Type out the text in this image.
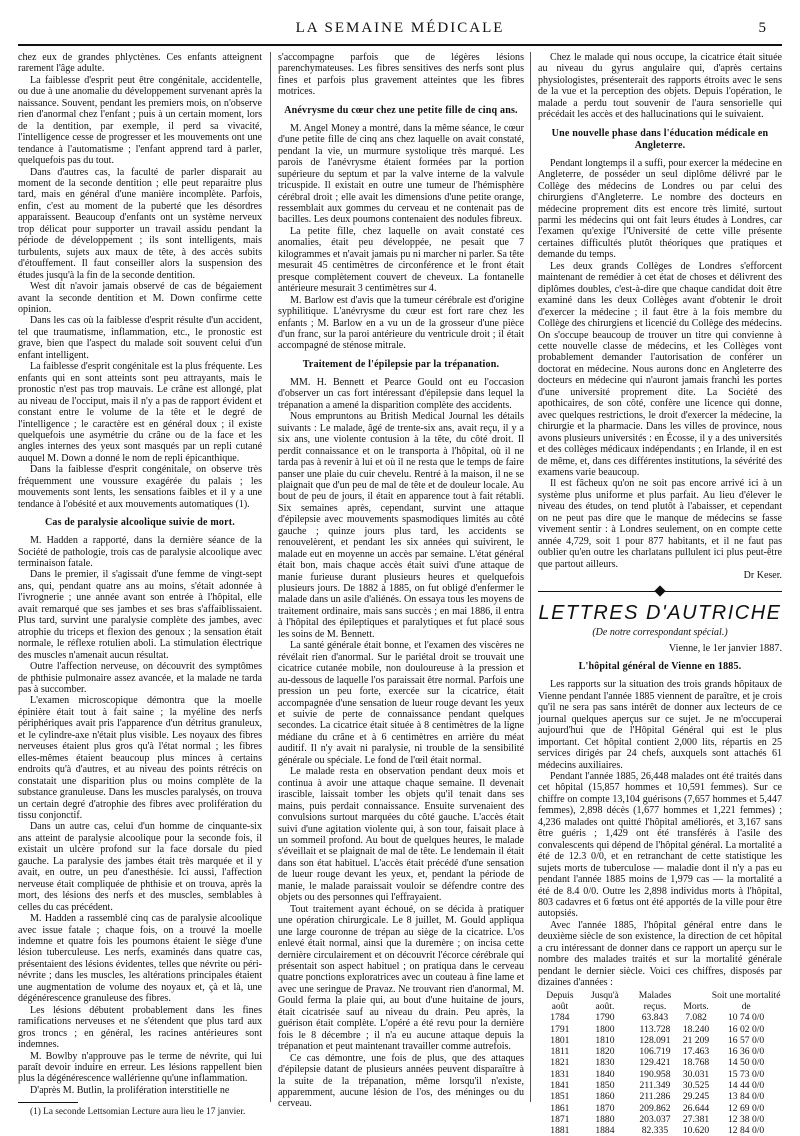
LA SEMAINE MÉDICALE	5

chez eux de grandes phlyctènes. Ces enfants atteignent rarement l'âge adulte.

La faiblesse d'esprit peut être congénitale, accidentelle, ou due à une anomalie du développement survenant après la naissance. Souvent, pendant les premiers mois, on n'observe rien d'anormal chez l'enfant ; puis à un certain moment, lors de la dentition, par exemple, il perd sa vivacité, l'intelligence cesse de progresser et les mouvements ont une tendance à l'automatisme ; l'enfant apprend tard à parler, quelquefois pas du tout.

Dans d'autres cas, la faculté de parler disparait au moment de la seconde dentition ; elle peut reparaitre plus tard, mais en général d'une manière incomplète. Parfois, enfin, c'est au moment de la puberté que les désordres apparaissent. Beaucoup d'enfants ont un système nerveux trop délicat pour supporter un travail assidu pendant la période de développement ; ils sont intelligents, mais turbulents, sujets aux maux de tête, à des accès subits d'étouffement. Il faut conseiller alors la suspension des études jusqu'à la fin de la seconde dentition.

West dit n'avoir jamais observé de cas de bégaiement avant la seconde dentition et M. Down confirme cette opinion.

Dans les cas où la faiblesse d'esprit résulte d'un accident, tel que traumatisme, inflammation, etc., le pronostic est grave, bien que l'aspect du malade soit souvent celui d'un enfant intelligent.

La faiblesse d'esprit congénitale est la plus fréquente. Les enfants qui en sont atteints sont peu attrayants, mais le pronostic n'est pas trop mauvais. Le crâne est allongé, plat au niveau de l'occiput, mais il n'y a pas de rapport évident et constant entre le volume de la tête et le degré de l'intelligence ; le caractère est en général doux ; il existe quelquefois une asymétrie du crâne ou de la face et les angles internes des yeux sont masqués par un repli cutané auquel M. Down a donné le nom de repli épicanthique.

Dans la faiblesse d'esprit congénitale, on observe très fréquemment une voussure exagérée du palais ; les mouvements sont lents, les sensations faibles et il y a une tendance à l'obésité et aux mouvements automatiques (1).

Cas de paralysie alcoolique suivie de mort.

M. Hadden a rapporté, dans la dernière séance de la Société de pathologie, trois cas de paralysie alcoolique avec terminaison fatale.

Dans le premier, il s'agissait d'une femme de vingt-sept ans, qui, pendant quatre ans au moins, s'était adonnée à l'ivrognerie ; une année avant son entrée à l'hôpital, elle avait remarqué que ses jambes et ses bras s'affaiblissaient. Plus tard, survint une paralysie complète des jambes, avec atrophie du triceps et flexion des genoux ; la sensation était normale, le réflexe rotulien aboli. La stimulation électrique des muscles n'amenait aucun résultat.

Outre l'affection nerveuse, on découvrit des symptômes de phthisie pulmonaire assez avancée, et la malade ne tarda pas à succomber.

L'examen microscopique démontra que la moelle épinière était tout à fait saine ; la myéline des nerfs périphériques avait pris l'apparence d'un détritus granuleux, et le cylindre-axe n'était plus visible. Les noyaux des fibres nerveuses étaient plus gros qu'à l'état normal ; les fibres elles-mêmes étaient beaucoup plus minces à certains endroits qu'à d'autres, et au niveau des points rétrécis on constatait une disparition plus ou moins complète de la substance granuleuse. Dans les muscles paralysés, on trouva un certain degré d'atrophie des fibres avec prolifération du tissu conjonctif.

Dans un autre cas, celui d'un homme de cinquante-six ans atteint de paralysie alcoolique pour la seconde fois, il existait un ulcère profond sur la face dorsale du pied gauche. La paralysie des jambes était très marquée et il y avait, en outre, un peu d'anesthésie. Ici aussi, l'affection nerveuse était compliquée de phthisie et on trouva, après la mort, des lésions des nerfs et des muscles, semblables à celles du cas précédent.

M. Hadden a rassemblé cinq cas de paralysie alcoolique avec issue fatale ; chaque fois, on a trouvé la moelle indemne et quatre fois les poumons étaient le siège d'une lésion tuberculeuse. Les nerfs, examinés dans quatre cas, présentaient des lésions évidentes, telles que névrite ou péri-névrite ; dans les muscles, les altérations principales étaient une augmentation de volume des noyaux et, çà et là, une dégénérescence granuleuse des fibres.

Les lésions débutent probablement dans les fines ramifications nerveuses et ne s'étendent que plus tard aux gros troncs ; en général, les racines antérieures sont indemnes.

M. Bowlby n'approuve pas le terme de névrite, qui lui paraît devoir induire en erreur. Les lésions rappellent bien plus la dégénérescence wallérienne qu'une inflammation.

D'après M. Butlin, la prolifération interstitielle ne

(1) La seconde Lettsomian Lecture aura lieu le 17 janvier.

s'accompagne parfois que de légères lésions parenchymateuses. Les fibres sensitives des nerfs sont plus fines et parfois plus gravement atteintes que les fibres motrices.

Anévrysme du cœur chez une petite fille de cinq ans.

M. Angel Money a montré, dans la même séance, le cœur d'une petite fille de cinq ans chez laquelle on avait constaté, pendant la vie, un murmure systolique très marqué. Les parois de l'anévrysme étaient formées par la portion supérieure du septum et par la valve interne de la valvule tricuspide. Il existait en outre une tumeur de l'hémisphère cérébral droit ; elle avait les dimensions d'une petite orange, ressemblait aux gommes du cerveau et ne contenait pas de bacilles. Les deux poumons contenaient des nodules fibreux.

La petite fille, chez laquelle on avait constaté ces anomalies, était peu développée, ne pesait que 7 kilogrammes et n'avait jamais pu ni marcher ni parler. Sa tête mesurait 45 centimètres de circonférence et le front était presque complètement couvert de cheveux. La fontanelle antérieure mesurait 3 centimètres sur 4.

M. Barlow est d'avis que la tumeur cérébrale est d'origine syphilitique. L'anévrysme du cœur est fort rare chez les enfants ; M. Barlow en a vu un de la grosseur d'une pièce d'un franc, sur la paroi antérieure du ventricule droit ; il était accompagné de sténose mitrale.

Traitement de l'épilepsie par la trépanation.

MM. H. Bennett et Pearce Gould ont eu l'occasion d'observer un cas fort intéressant d'épilepsie dans lequel la trépanation a amené la disparition complète des accidents.

Nous empruntons au British Medical Journal les détails suivants : Le malade, âgé de trente-six ans, avait reçu, il y a six ans, une violente contusion à la tête, du côté droit. Il perdit connaissance et on le transporta à l'hôpital, où il ne tarda pas à revenir à lui et où il ne resta que le temps de faire panser une plaie du cuir chevelu. Rentré à la maison, il ne se plaignait que d'un peu de mal de tête et de douleur locale. Au bout de peu de jours, il était en apparence tout à fait rétabli. Six semaines après, cependant, survint une attaque d'épilepsie avec mouvements spasmodiques limités au côté gauche ; quinze jours plus tard, les accidents se renouvelèrent, et pendant les six années qui suivirent, le malade eut en moyenne un accès par semaine. L'état général était bon, mais chaque accès était suivi d'une attaque de manie furieuse durant plusieurs heures et quelquefois plusieurs jours. De 1882 à 1885, on fut obligé d'enfermer le malade dans un asile d'aliénés. On essaya tous les moyens de traitement ordinaire, mais sans succès ; en mai 1886, il entra à l'hôpital des épileptiques et paralytiques et fut placé sous les soins de M. Bennett.

La santé générale était bonne, et l'examen des viscères ne révélait rien d'anormal. Sur le pariétal droit se trouvait une cicatrice cutanée mobile, non douloureuse à la pression et au-dessous de laquelle l'os paraissait être normal. Parfois une pression un peu forte, exercée sur la cicatrice, était accompagnée d'une sensation de lueur rouge devant les yeux et suivie de perte de connaissance pendant quelques secondes. La cicatrice était située à 8 centimètres de la ligne médiane du crâne et à 6 centimètres en arrière du méat auditif. Il n'y avait ni paralysie, ni trouble de la sensibilité générale ou spéciale. Le fond de l'œil était normal.

Le malade resta en observation pendant deux mois et continua à avoir une attaque chaque semaine. Il devenait irascible, laissait tomber les objets qu'il tenait dans ses mains, puis perdait connaissance. Ensuite survenaient des convulsions surtout marquées du côté gauche. L'accès était suivi d'une agitation violente qui, à son tour, faisait place à un sommeil profond. Au bout de quelques heures, le malade s'éveillait et se plaignait de mal de tête. Le lendemain il était dans son état habituel. L'accès était précédé d'une sensation de lueur rouge devant les yeux, et, pendant la période de manie, le malade paraissait vouloir se défendre contre des objets ou des personnes qui l'effrayaient.

Tout traitement ayant échoué, on se décida à pratiquer une opération chirurgicale. Le 8 juillet, M. Gould appliqua une large couronne de trépan au siège de la cicatrice. L'os enlevé était normal, ainsi que la duremère ; on incisa cette dernière circulairement et on découvrit l'écorce cérébrale qui présentait son aspect habituel ; on pratiqua dans le cerveau quatre ponctions exploratrices avec un couteau à fine lame et avec une seringue de Pravaz. Ne trouvant rien d'anormal, M. Gould ferma la plaie qui, au bout d'une huitaine de jours, était cicatrisée sauf au niveau du drain. Peu après, la guérison était complète. L'opéré a été revu pour la dernière fois le 8 décembre ; il n'a eu aucune attaque depuis la trépanation et peut maintenant travailler comme autrefois.

Ce cas démontre, une fois de plus, que des attaques d'épilepsie datant de plusieurs années peuvent disparaître à la suite de la trépanation, même lorsqu'il n'existe, apparemment, aucune lésion de l'os, des méninges ou du cerveau.

Chez le malade qui nous occupe, la cicatrice était située au niveau du gyrus angulaire qui, d'après certains physiologistes, présenterait des rapports étroits avec le sens de la vue et la perception des objets. Depuis l'opération, le malade a perdu tout souvenir de l'aura sensorielle qui précédait les accès et des hallucinations qui le suivaient.

Une nouvelle phase dans l'éducation médicale en Angleterre.

Pendant longtemps il a suffi, pour exercer la médecine en Angleterre, de posséder un seul diplôme délivré par le Collège des médecins de Londres ou par celui des chirurgiens d'Angleterre. Le nombre des docteurs en médecine proprement dits est encore très limité, surtout parmi les médecins qui ont fait leurs études à Londres, car l'examen qu'exige l'Université de cette ville présente certaines difficultés plutôt théoriques que pratiques et demande du temps.

Les deux grands Collèges de Londres s'efforcent maintenant de remédier à cet état de choses et délivrent des diplômes doubles, c'est-à-dire que chaque candidat doit être examiné dans les deux Collèges avant d'obtenir le droit d'exercer la médecine ; il faut être à la fois membre du Collège des chirurgiens et licencié du Collège des médecins. On s'occupe beaucoup de trouver un titre qui convienne à cette nouvelle classe de médecins, et les Collèges vont probablement demander l'autorisation de conférer un doctorat en médecine. Nous aurons donc en Angleterre des docteurs en médecine qui n'auront jamais franchi les portes d'une université proprement dite. La Société des apothicaires, de son côté, confère une licence qui donne, avec quelques restrictions, le droit d'exercer la médecine, la chirurgie et la pharmacie. Dans les villes de province, nous avons plusieurs universités : en Écosse, il y a des universités et des collèges médicaux indépendants ; en Irlande, il en est de même, et, dans ces différentes institutions, la sévérité des examens varie beaucoup.

Il est fâcheux qu'on ne soit pas encore arrivé ici à un système plus uniforme et plus parfait. Au lieu d'élever le niveau des études, on tend plutôt à l'abaisser, et cependant on ne peut pas dire que le manque de médecins se fasse vivement sentir : à Londres seulement, on en compte cette année 4,729, soit 1 pour 877 habitants, et il ne faut pas oublier qu'en outre les charlatans pullulent ici plus peut-être que partout ailleurs.

Dr Keser.

LETTRES D'AUTRICHE
(De notre correspondant spécial.)
Vienne, le 1er janvier 1887.
L'hôpital général de Vienne en 1885.

Les rapports sur la situation des trois grands hôpitaux de Vienne pendant l'année 1885 viennent de paraître, et je crois qu'il ne sera pas sans intérêt de donner aux lecteurs de ce journal quelques aperçus sur ce sujet. Je ne m'occuperai aujourd'hui que de l'Hôpital Général qui est le plus important. Cet hôpital contient 2,000 lits, répartis en 25 services dirigés par 24 chefs, auxquels sont attachés 61 médecins auxiliaires.

Pendant l'année 1885, 26,448 malades ont été traités dans cet hôpital (15,857 hommes et 10,591 femmes). Sur ce chiffre on compte 13,104 guérisons (7,657 hommes et 5,447 femmes), 2,898 décès (1,677 hommes et 1,221 femmes) ; 4,236 malades ont quitté l'hôpital améliorés, et 3,167 sans être guéris ; 1,429 ont été transférés à l'asile des convalescents qui dépend de l'hôpital général. La mortalité a été de 12.3 0/0, et en retranchant de cette statistique les sujets morts de tuberculose — maladie dont il n'y a pas eu pendant l'année 1885 moins de 1,979 cas — la mortalité a été de 8.4 0/0. Outre les 2,898 individus morts à l'hôpital, 803 cadavres et 6 fœtus ont été apportés de la ville pour être autopsiés.

Avec l'année 1885, l'hôpital général entre dans le deuxième siècle de son existence, la direction de cet hôpital a cru intéressant de donner dans ce rapport un aperçu sur le nombre des malades traités et sur la mortalité générale pendant le dernier siècle. Voici ces chiffres, disposés par dizaines d'années :

Depuis août	Jusqu'à août.	Malades reçus.	Morts.	Soit une mortalité de
1784	1790	63.843	7.082	10 74 0/0
1791	1800	113.728	18.240	16 02 0/0
1801	1810	128.091	21 209	16 57 0/0
1811	1820	106.719	17.463	16 36 0/0
1821	1830	129.421	18.768	14 50 0/0
1831	1840	190.958	30.031	15 73 0/0
1841	1850	211.349	30.525	14 44 0/0
1851	1860	211.286	29.245	13 84 0/0
1861	1870	209.862	26.644	12 69 0/0
1871	1880	203.037	27.381	12 38 0/0
1881	1884	82.335	10.620	12 84 0/0
